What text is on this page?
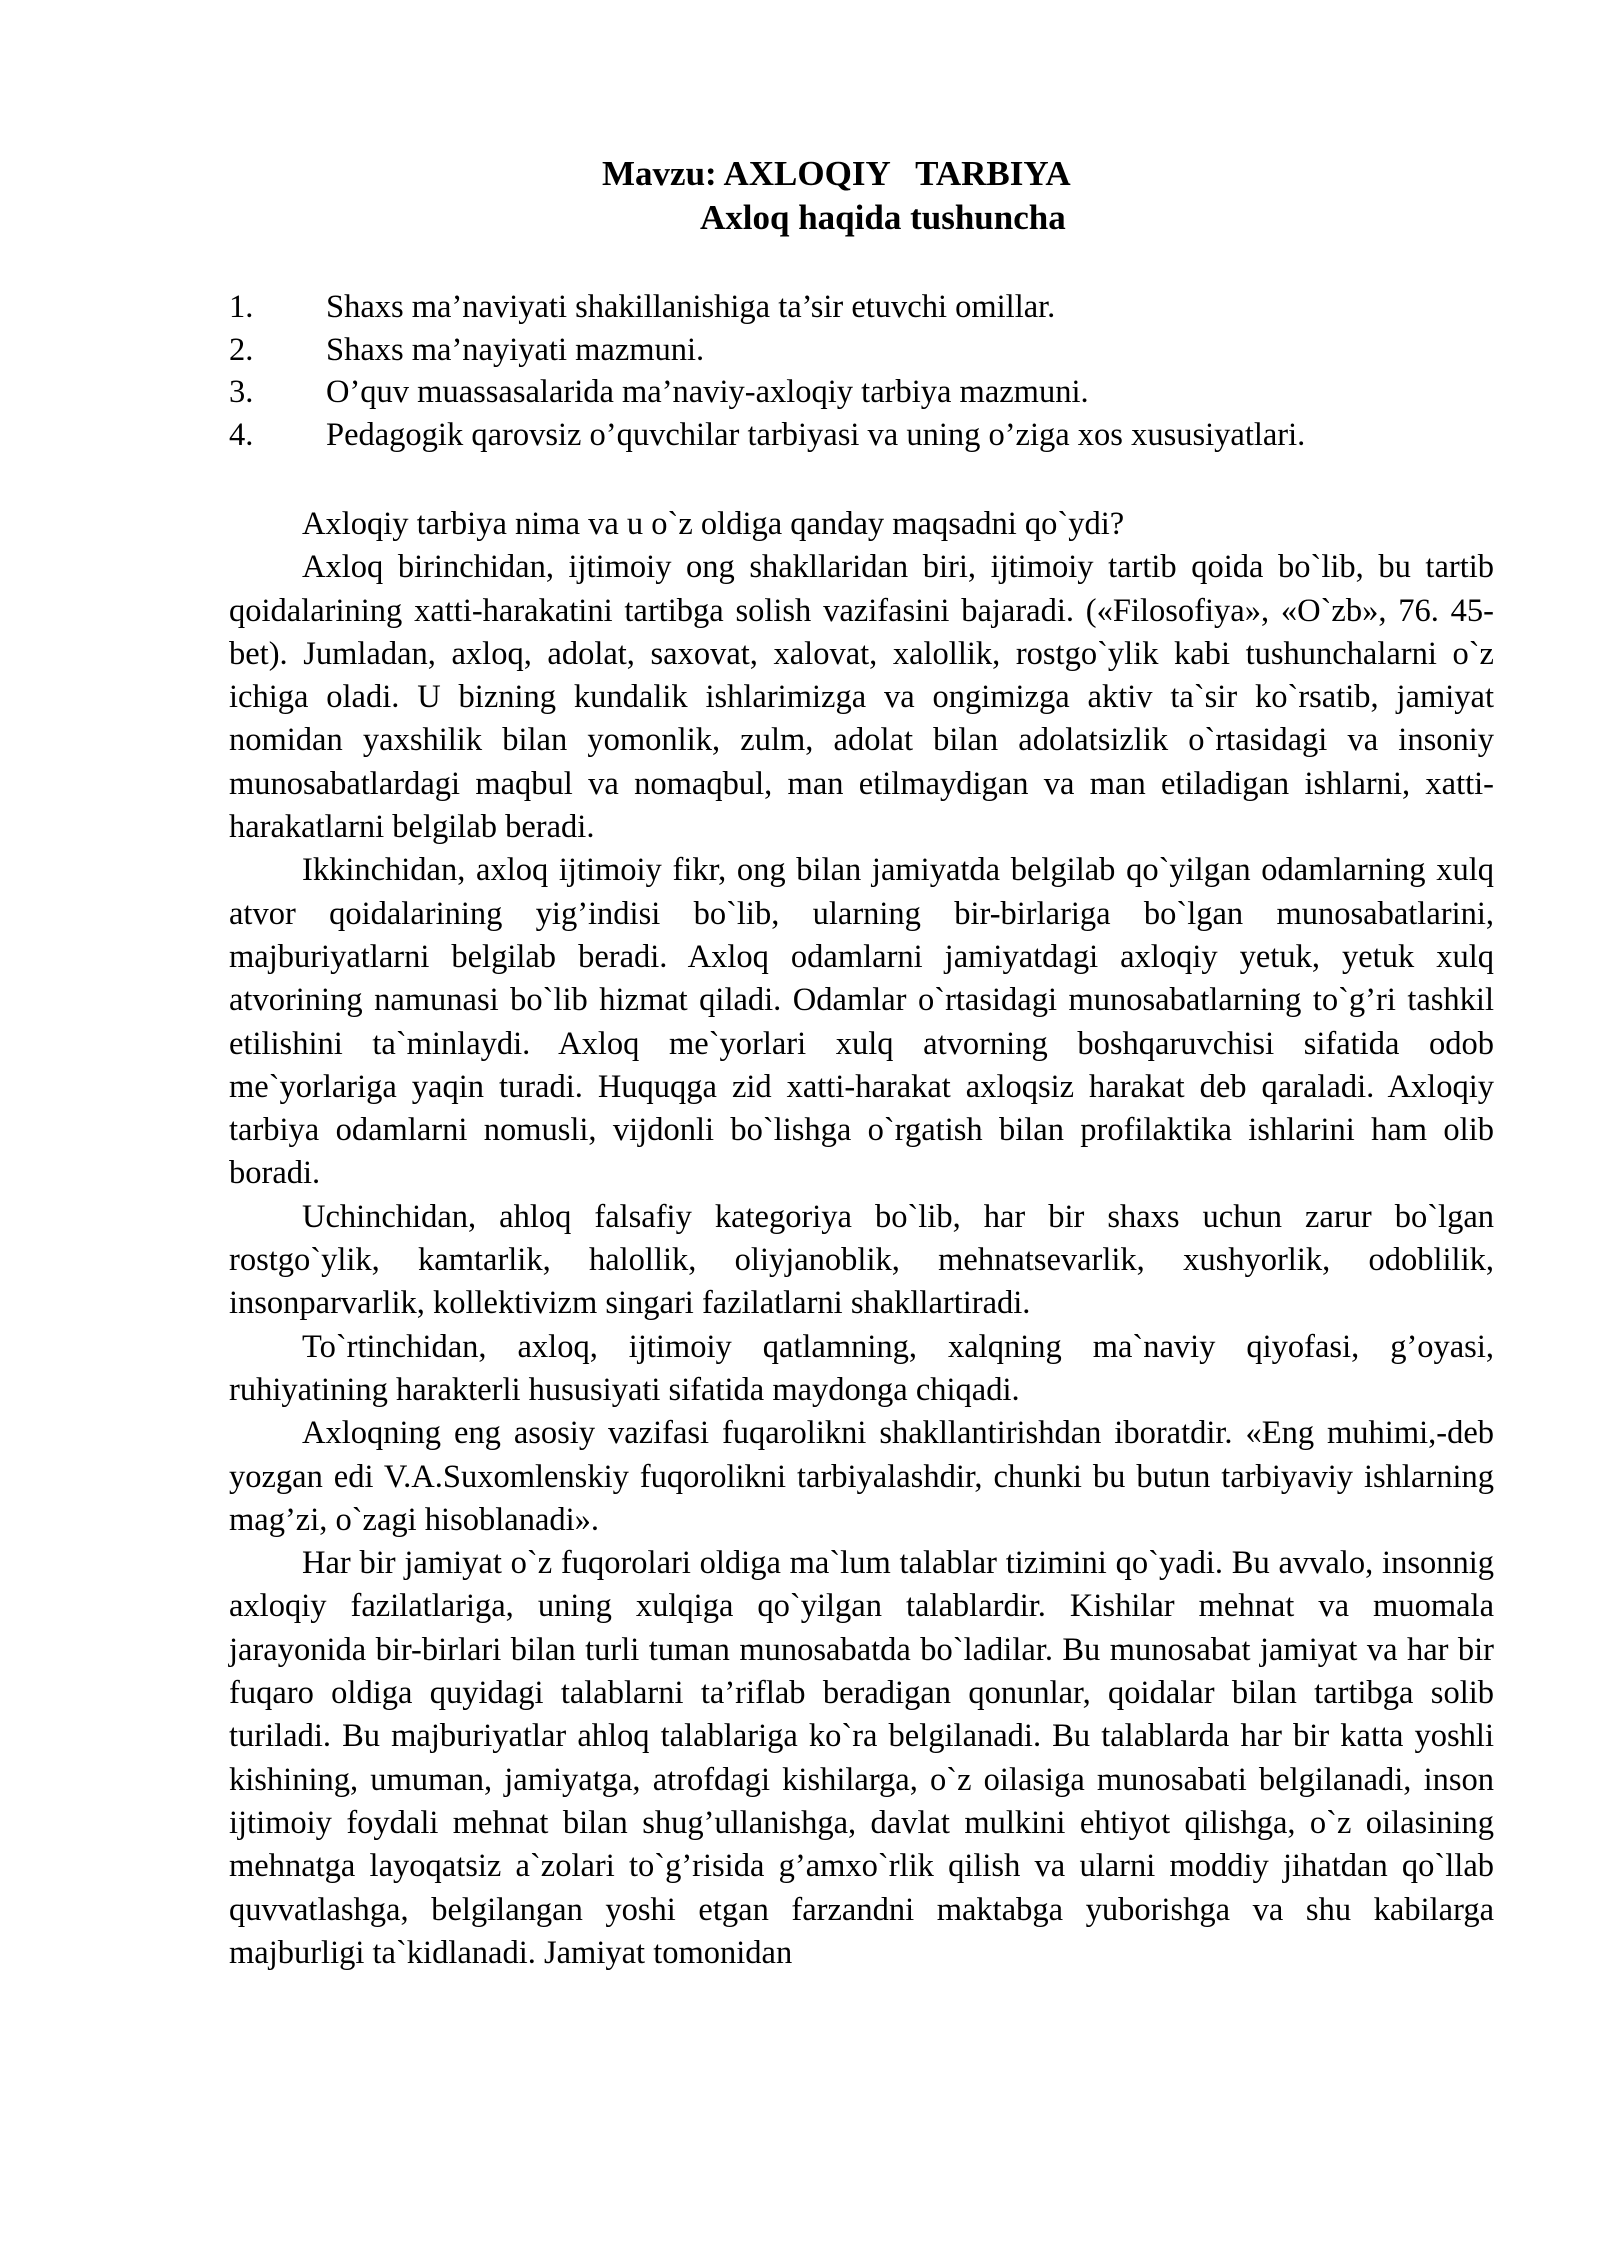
Mavzu: AXLOQIY   TARBIYA
Axloq haqida tushuncha
1.	Shaxs ma’naviyati shakillanishiga ta’sir etuvchi omillar.
2.	Shaxs ma’nayiyati mazmuni.
3.	O’quv muassasalarida ma’naviy-axloqiy tarbiya mazmuni.
4.	Pedagogik qarovsiz o’quvchilar tarbiyasi va uning o’ziga xos xususiyatlari.

Axloqiy tarbiya nima va u o`z oldiga qanday maqsadni qo`ydi?

Axloq birinchidan, ijtimoiy ong shakllaridan biri, ijtimoiy tartib qoida bo`lib, bu tartib qoidalarining xatti-harakatini tartibga solish vazifasini bajaradi. («Filosofiya», «O`zb», 76. 45-bet). Jumladan, axloq, adolat, saxovat, xalovat, xalollik, rostgo`ylik kabi tushunchalarni o`z ichiga oladi. U bizning kundalik ishlarimizga va ongimizga aktiv ta`sir ko`rsatib, jamiyat nomidan yaxshilik bilan yomonlik, zulm, adolat bilan adolatsizlik o`rtasidagi va insoniy munosabatlardagi maqbul va nomaqbul, man etilmaydigan va man etiladigan ishlarni, xatti-harakatlarni belgilab beradi.

Ikkinchidan, axloq ijtimoiy fikr, ong bilan jamiyatda belgilab qo`yilgan odamlarning xulq atvor qoidalarining yig’indisi bo`lib, ularning bir-birlariga bo`lgan munosabatlarini, majburiyatlarni belgilab beradi. Axloq odamlarni jamiyatdagi axloqiy yetuk, yetuk xulq atvorining namunasi bo`lib hizmat qiladi. Odamlar o`rtasidagi munosabatlarning to`g’ri tashkil etilishini ta`minlaydi. Axloq me`yorlari xulq atvorning boshqaruvchisi sifatida odob me`yorlariga yaqin turadi. Huquqga zid xatti-harakat axloqsiz harakat deb qaraladi. Axloqiy tarbiya odamlarni nomusli, vijdonli bo`lishga o`rgatish bilan profilaktika ishlarini ham olib boradi.

Uchinchidan, ahloq falsafiy kategoriya bo`lib, har bir shaxs uchun zarur bo`lgan rostgo`ylik, kamtarlik, halollik, oliyjanoblik, mehnatsevarlik, xushyorlik, odoblilik, insonparvarlik, kollektivizm singari fazilatlarni shakllartiradi.

To`rtinchidan, axloq, ijtimoiy qatlamning, xalqning ma`naviy qiyofasi, g’oyasi, ruhiyatining harakterli hususiyati sifatida maydonga chiqadi.

Axloqning eng asosiy vazifasi fuqarolikni shakllantirishdan iboratdir. «Eng muhimi,-deb yozgan edi V.A.Suxomlenskiy fuqorolikni tarbiyalashdir, chunki bu butun tarbiyaviy ishlarning mag’zi, o`zagi hisoblanadi».

Har bir jamiyat o`z fuqorolari oldiga ma`lum talablar tizimini qo`yadi. Bu avvalo, insonnig axloqiy fazilatlariga, uning xulqiga qo`yilgan talablardir. Kishilar mehnat va muomala jarayonida bir-birlari bilan turli tuman munosabatda bo`ladilar. Bu munosabat jamiyat va har bir fuqaro oldiga quyidagi talablarni ta’riflab beradigan qonunlar, qoidalar bilan tartibga solib turiladi. Bu majburiyatlar ahloq talablariga ko`ra belgilanadi. Bu talablarda har bir katta yoshli kishining, umuman, jamiyatga, atrofdagi kishilarga, o`z oilasiga munosabati belgilanadi, inson ijtimoiy foydali mehnat bilan shug’ullanishga, davlat mulkini ehtiyot qilishga, o`z oilasining mehnatga layoqatsiz a`zolari to`g’risida g’amxo`rlik qilish va ularni moddiy jihatdan qo`llab quvvatlashga, belgilangan yoshi etgan farzandni maktabga yuborishga va shu kabilarga majburligi ta`kidlanadi. Jamiyat tomonidan
